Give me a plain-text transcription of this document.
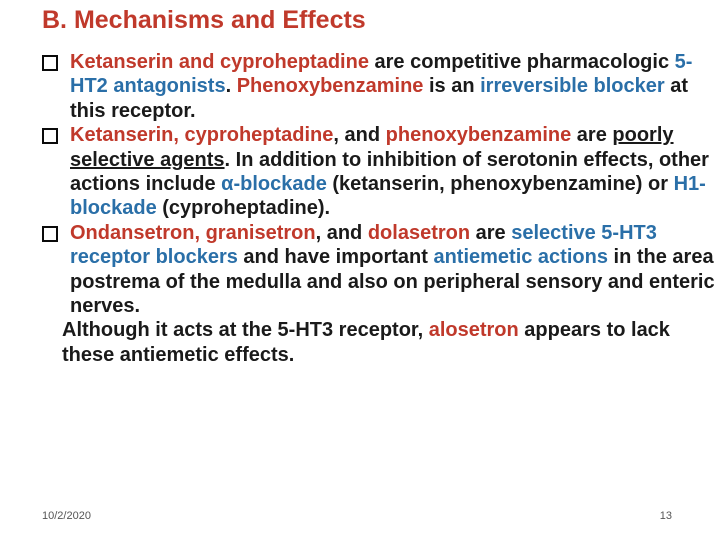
B. Mechanisms and Effects
Ketanserin and cyproheptadine are competitive pharmacologic 5-HT2 antagonists. Phenoxybenzamine is an irreversible blocker at this receptor.
Ketanserin, cyproheptadine, and phenoxybenzamine are poorly selective agents. In addition to inhibition of serotonin effects, other actions include α-blockade (ketanserin, phenoxybenzamine) or H1-blockade (cyproheptadine).
Ondansetron, granisetron, and dolasetron are selective 5-HT3 receptor blockers and have important antiemetic actions in the area postrema of the medulla and also on peripheral sensory and enteric nerves.
Although it acts at the 5-HT3 receptor, alosetron appears to lack these antiemetic effects.
10/2/2020	13
